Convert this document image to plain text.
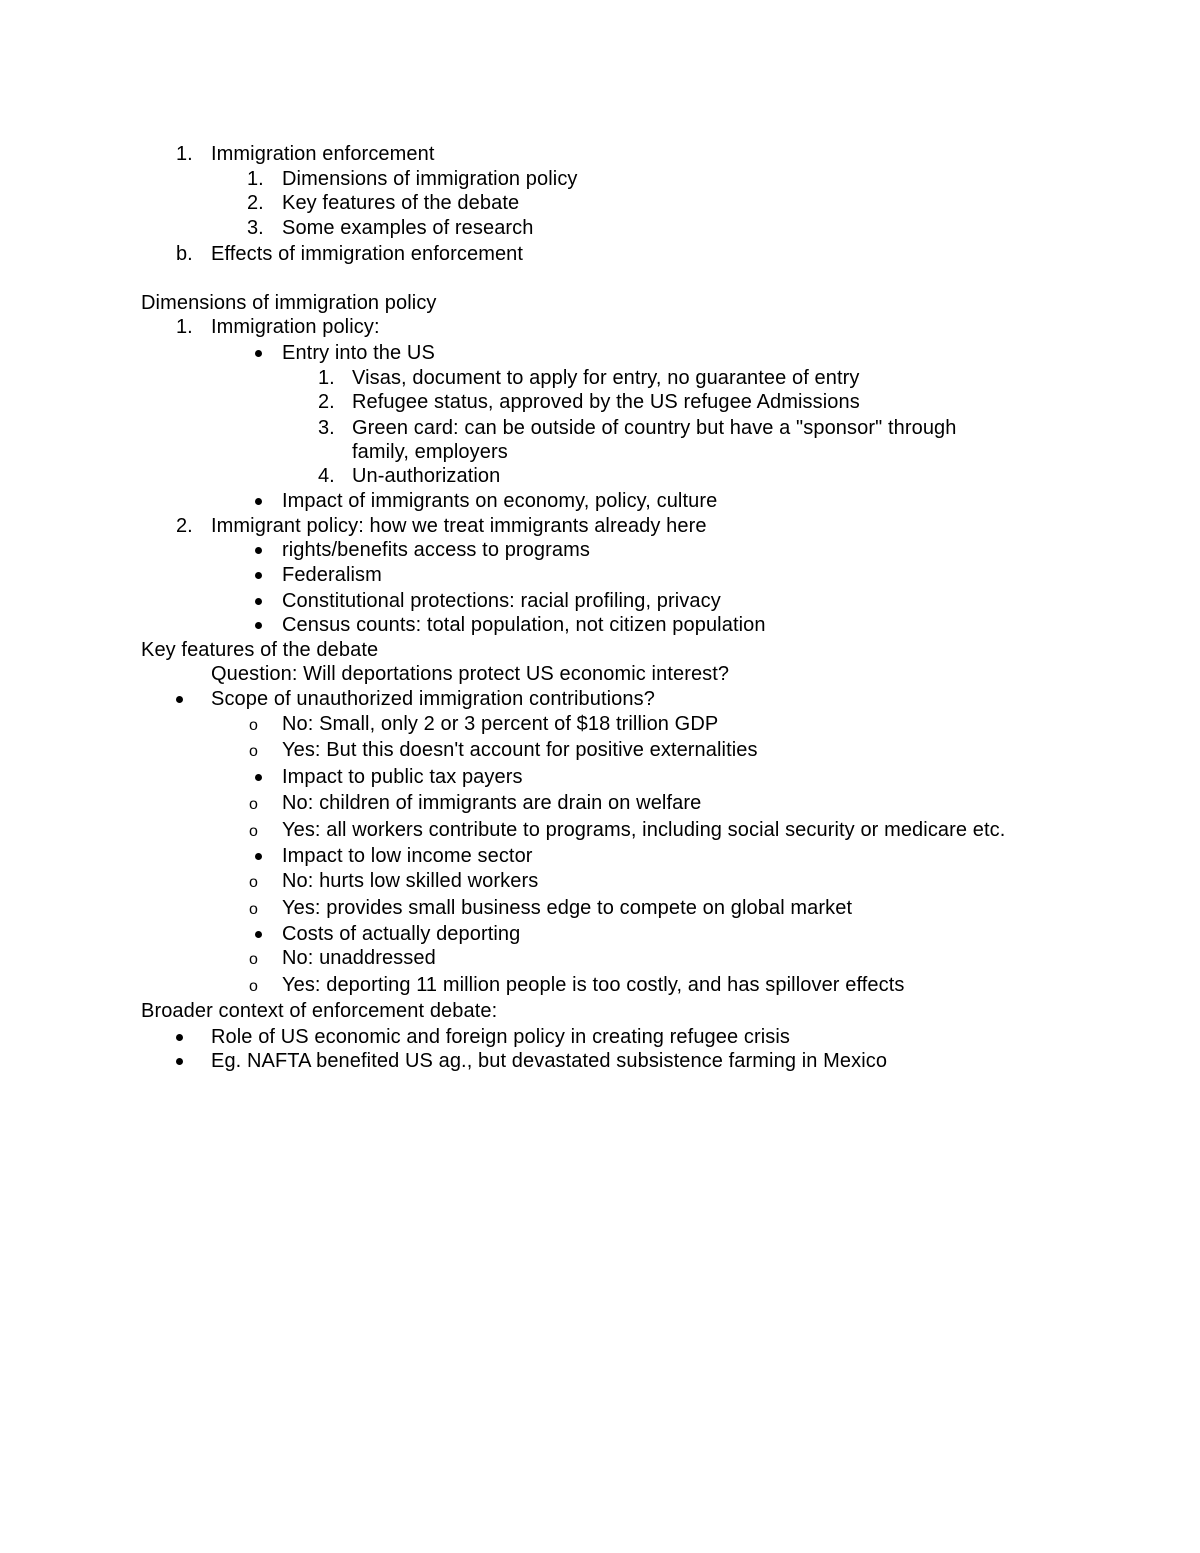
1. Immigration enforcement
1. Dimensions of immigration policy
2. Key features of the debate
3. Some examples of research
b. Effects of immigration enforcement
Dimensions of immigration policy
1. Immigration policy:
Entry into the US
1. Visas, document to apply for entry, no guarantee of entry
2. Refugee status, approved by the US refugee Admissions
3. Green card: can be outside of country but have a "sponsor" through
family, employers
4. Un-authorization
Impact of immigrants on economy, policy, culture
2. Immigrant policy: how we treat immigrants already here
rights/benefits access to programs
Federalism
Constitutional protections: racial profiling, privacy
Census counts: total population, not citizen population
Key features of the debate
Question: Will deportations protect US economic interest?
Scope of unauthorized immigration contributions?
o No: Small, only 2 or 3 percent of $18 trillion GDP
o Yes: But this doesn't account for positive externalities
Impact to public tax payers
o No: children of immigrants are drain on welfare
o Yes: all workers contribute to programs, including social security or medicare etc.
Impact to low income sector
o No: hurts low skilled workers
o Yes: provides small business edge to compete on global market
Costs of actually deporting
o No: unaddressed
o Yes: deporting 11 million people is too costly, and has spillover effects
Broader context of enforcement debate:
Role of US economic and foreign policy in creating refugee crisis
Eg. NAFTA benefited US ag., but devastated subsistence farming in Mexico
